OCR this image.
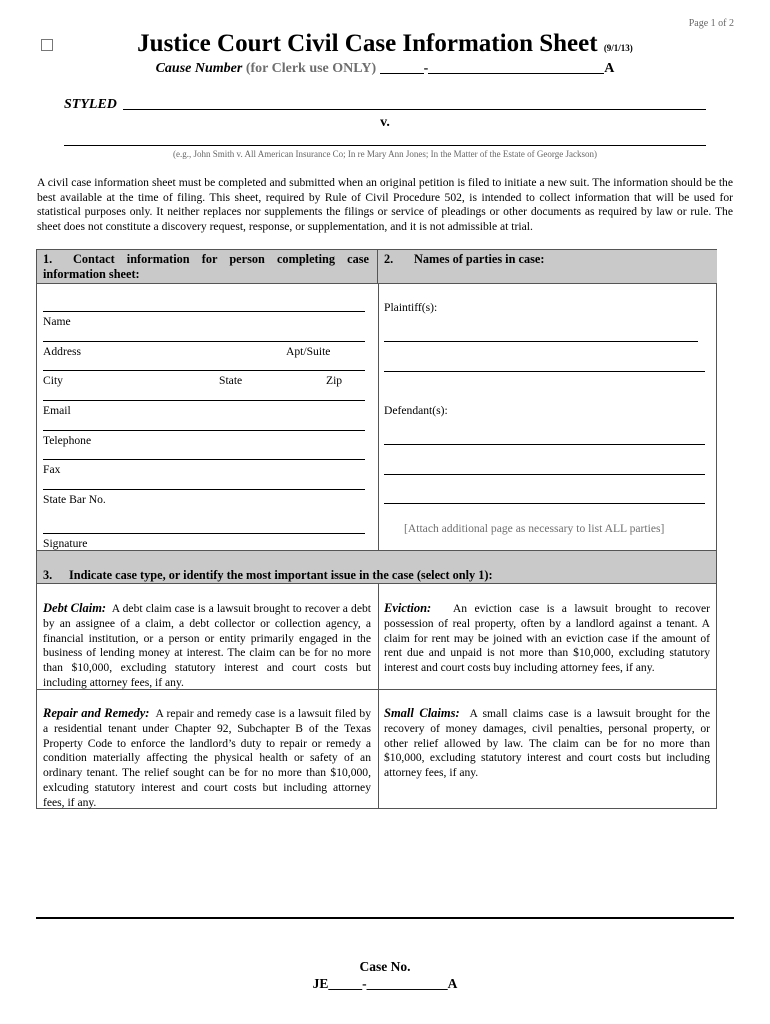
Page 1 of 2
Justice Court Civil Case Information Sheet (9/1/13)
Cause Number (for Clerk use ONLY)	-	A
STYLED
v.
(e.g., John Smith v. All American Insurance Co; In re Mary Ann Jones; In the Matter of the Estate of George Jackson)
A civil case information sheet must be completed and submitted when an original petition is filed to initiate a new suit. The information should be the best available at the time of filing. This sheet, required by Rule of Civil Procedure 502, is intended to collect information that will be used for statistical purposes only. It neither replaces nor supplements the filings or service of pleadings or other documents as required by law or rule. The sheet does not constitute a discovery request, response, or supplementation, and it is not admissible at trial.
1. Contact information for person completing case information sheet:
2. Names of parties in case:
Name
Address	Apt/Suite
City	State	Zip
Email
Telephone
Fax
State Bar No.
Signature
Plaintiff(s):
Defendant(s):
[Attach additional page as necessary to list ALL parties]
3. Indicate case type, or identify the most important issue in the case (select only 1):
Debt Claim: A debt claim case is a lawsuit brought to recover a debt by an assignee of a claim, a debt collector or collection agency, a financial institution, or a person or entity primarily engaged in the business of lending money at interest. The claim can be for no more than $10,000, excluding statutory interest and court costs but including attorney fees, if any.
Eviction: An eviction case is a lawsuit brought to recover possession of real property, often by a landlord against a tenant. A claim for rent may be joined with an eviction case if the amount of rent due and unpaid is not more than $10,000, excluding statutory interest and court costs buy including attorney fees, if any.
Repair and Remedy: A repair and remedy case is a lawsuit filed by a residential tenant under Chapter 92, Subchapter B of the Texas Property Code to enforce the landlord’s duty to repair or remedy a condition materially affecting the physical health or safety of an ordinary tenant. The relief sought can be for no more than $10,000, exlcuding statutory interest and court costs but including attorney fees, if any.
Small Claims: A small claims case is a lawsuit brought for the recovery of money damages, civil penalties, personal property, or other relief allowed by law. The claim can be for no more than $10,000, excluding statutory interest and court costs but including attorney fees, if any.
Case No.
JE_____-____________A
